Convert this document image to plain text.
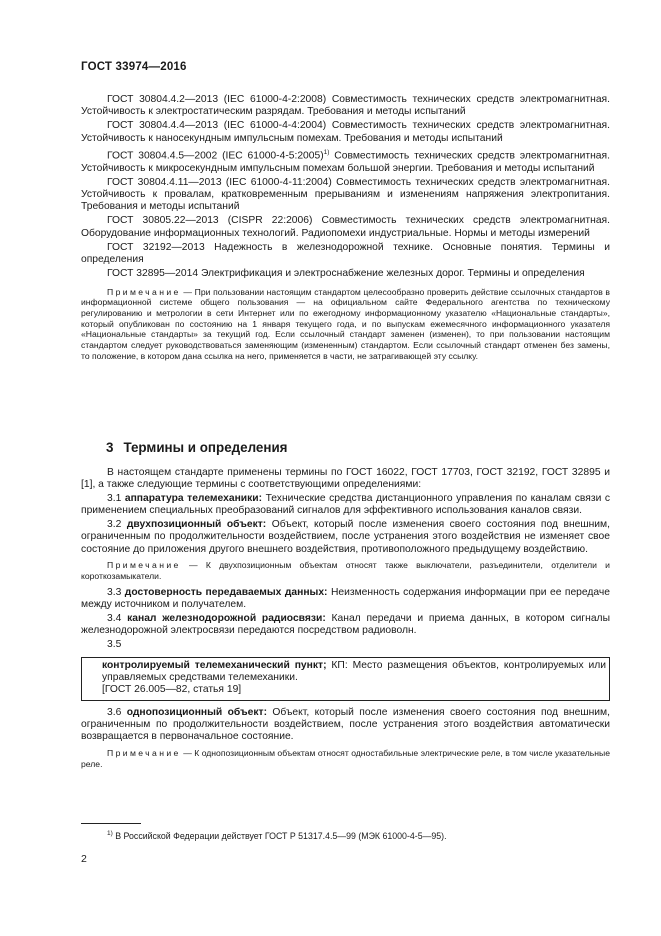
ГОСТ 33974—2016

ГОСТ 30804.4.2—2013 (IEC 61000-4-2:2008) Совместимость технических средств электромагнитная. Устойчивость к электростатическим разрядам. Требования и методы испытаний

ГОСТ 30804.4.4—2013 (IEC 61000-4-4:2004) Совместимость технических средств электромагнитная. Устойчивость к наносекундным импульсным помехам. Требования и методы испытаний

ГОСТ 30804.4.5—2002 (IEC 61000-4-5:2005)$^{1)}$ Совместимость технических средств электромагнитная. Устойчивость к микросекундным импульсным помехам большой энергии. Требования и методы испытаний

ГОСТ 30804.4.11—2013 (IEC 61000-4-11:2004) Совместимость технических средств электромагнитная. Устойчивость к провалам, кратковременным прерываниям и изменениям напряжения электропитания. Требования и методы испытаний

ГОСТ 30805.22—2013 (CISPR 22:2006) Совместимость технических средств электромагнитная. Оборудование информационных технологий. Радиопомехи индустриальные. Нормы и методы измерений

ГОСТ 32192—2013 Надежность в железнодорожной технике. Основные понятия. Термины и определения

ГОСТ 32895—2014 Электрификация и электроснабжение железных дорог. Термины и определения

Примечание — При пользовании настоящим стандартом целесообразно проверить действие ссылочных стандартов в информационной системе общего пользования — на официальном сайте Федерального агентства по техническому регулированию и метрологии в сети Интернет или по ежегодному информационному указателю «Национальные стандарты», который опубликован по состоянию на 1 января текущего года, и по выпускам ежемесячного информационного указателя «Национальные стандарты» за текущий год. Если ссылочный стандарт заменен (изменен), то при пользовании настоящим стандартом следует руководствоваться заменяющим (измененным) стандартом. Если ссылочный стандарт отменен без замены, то положение, в котором дана ссылка на него, применяется в части, не затрагивающей эту ссылку.

3 Термины и определения

В настоящем стандарте применены термины по ГОСТ 16022, ГОСТ 17703, ГОСТ 32192, ГОСТ 32895 и [1], а также следующие термины с соответствующими определениями:

3.1 аппаратура телемеханики: Технические средства дистанционного управления по каналам связи с применением специальных преобразований сигналов для эффективного использования каналов связи.

3.2 двухпозиционный объект: Объект, который после изменения своего состояния под внешним, ограниченным по продолжительности воздействием, после устранения этого воздействия не изменяет свое состояние до приложения другого внешнего воздействия, противоположного предыдущему воздействию.

Примечание — К двухпозиционным объектам относят также выключатели, разъединители, отделители и короткозамыкатели.

3.3 достоверность передаваемых данных: Неизменность содержания информации при ее передаче между источником и получателем.

3.4 канал железнодорожной радиосвязи: Канал передачи и приема данных, в котором сигналы железнодорожной электросвязи передаются посредством радиоволн.

3.5

контролируемый телемеханический пункт; КП: Место размещения объектов, контролируемых или управляемых средствами телемеханики.
[ГОСТ 26.005—82, статья 19]

3.6 однопозиционный объект: Объект, который после изменения своего состояния под внешним, ограниченным по продолжительности воздействием, после устранения этого воздействия автоматически возвращается в первоначальное состояние.

Примечание — К однопозиционным объектам относят одностабильные электрические реле, в том числе указательные реле.

$^{1)}$ В Российской Федерации действует ГОСТ Р 51317.4.5—99 (МЭК 61000-4-5—95).
2
